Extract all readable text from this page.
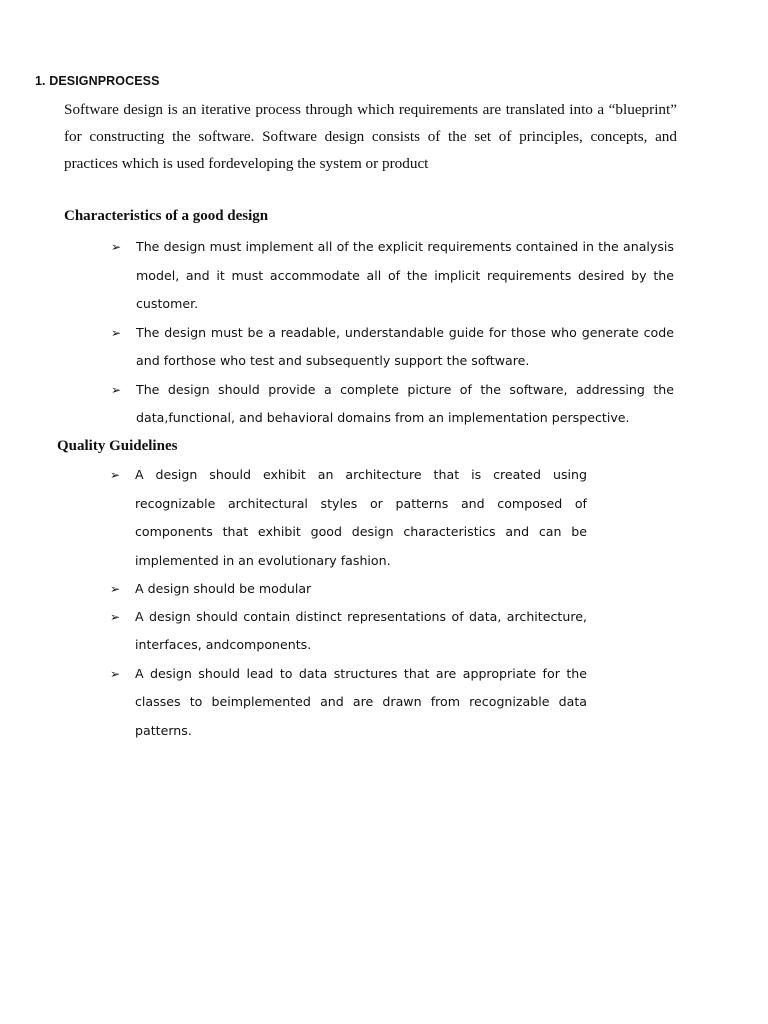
1. DESIGNPROCESS
Software design is an iterative process through which requirements are translated into a “blueprint” for constructing the software. Software design consists of the set of principles, concepts, and practices which is used fordeveloping the system or product
Characteristics of a good design
➢ The design must implement all of the explicit requirements contained in the analysis model, and it must accommodate all of the implicit requirements desired by the customer.
➢ The design must be a readable, understandable guide for those who generate code and forthose who test and subsequently support the software.
➢ The design should provide a complete picture of the software, addressing the data,functional, and behavioral domains from an implementation perspective.
Quality Guidelines
➢ A design should exhibit an architecture that is created using recognizable architectural styles or patterns and composed of components that exhibit good design characteristics and can be implemented in an evolutionary fashion.
➢ A design should be modular
➢ A design should contain distinct representations of data, architecture, interfaces, andcomponents.
➢ A design should lead to data structures that are appropriate for the classes to beimplemented and are drawn from recognizable data patterns.
